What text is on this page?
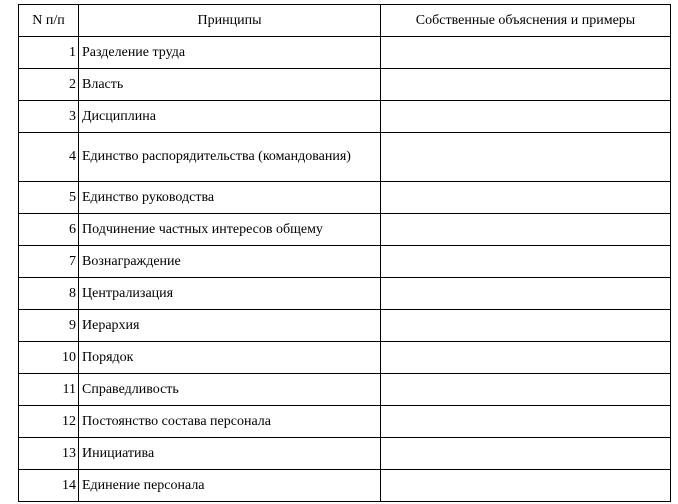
N п/п	Принципы	Собственные объяснения и примеры
1	Разделение труда	
2	Власть	
3	Дисциплина	
4	Единство распорядительства (командования)	
5	Единство руководства	
6	Подчинение частных интересов общему	
7	Вознаграждение	
8	Централизация	
9	Иерархия	
10	Порядок	
11	Справедливость	
12	Постоянство состава персонала	
13	Инициатива	
14	Единение персонала	
